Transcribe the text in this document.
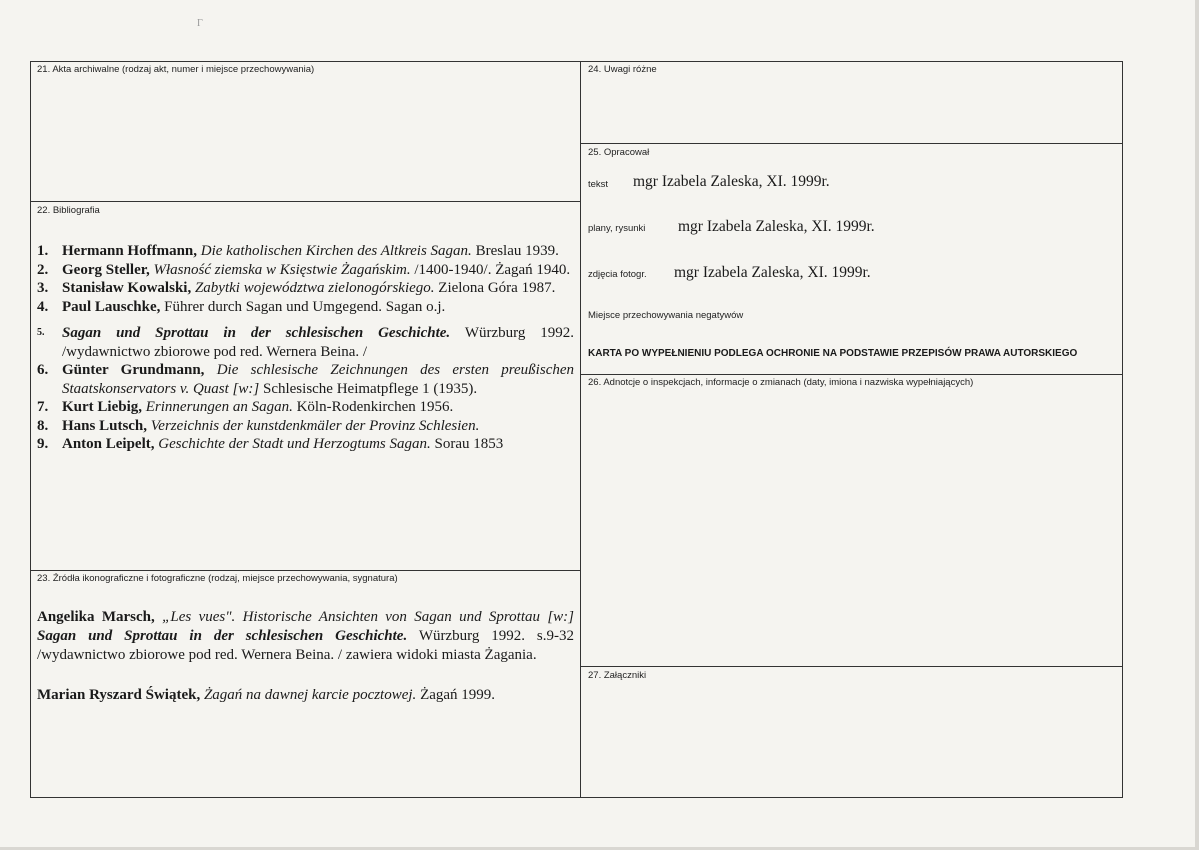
Γ
21. Akta archiwalne (rodzaj akt, numer i miejsce przechowywania)
22. Bibliografia
1. Hermann Hoffmann, Die katholischen Kirchen des Altkreis Sagan. Breslau 1939.
2. Georg Steller, Własność ziemska w Księstwie Żagańskim. /1400-1940/. Żagań 1940.
3. Stanisław Kowalski, Zabytki województwa zielonogórskiego. Zielona Góra 1987.
4. Paul Lauschke, Führer durch Sagan und Umgegend. Sagan o.j.
5. Sagan und Sprottau in der schlesischen Geschichte. Würzburg 1992. /wydawnictwo zbiorowe pod red. Wernera Beina. /
6. Günter Grundmann, Die schlesische Zeichnungen des ersten preußischen Staatskonservators v. Quast [w:] Schlesische Heimatpflege 1 (1935).
7. Kurt Liebig, Erinnerungen an Sagan. Köln-Rodenkirchen 1956.
8. Hans Lutsch, Verzeichnis der kunstdenkmäler der Provinz Schlesien.
9. Anton Leipelt, Geschichte der Stadt und Herzogtums Sagan. Sorau 1853
23. Źródła ikonograficzne i fotograficzne (rodzaj, miejsce przechowywania, sygnatura)
Angelika Marsch, „Les vues". Historische Ansichten von Sagan und Sprottau [w:] Sagan und Sprottau in der schlesischen Geschichte. Würzburg 1992. s.9-32 /wydawnictwo zbiorowe pod red. Wernera Beina. / zawiera widoki miasta Żagania.
Marian Ryszard Świątek, Żagań na dawnej karcie pocztowej. Żagań 1999.
24. Uwagi różne
25. Opracował
tekst mgr Izabela Zaleska, XI. 1999r.
plany, rysunki mgr Izabela Zaleska, XI. 1999r.
zdjęcia fotogr. mgr Izabela Zaleska, XI. 1999r.
Miejsce przechowywania negatywów
KARTA PO WYPEŁNIENIU PODLEGA OCHRONIE NA PODSTAWIE PRZEPISÓW PRAWA AUTORSKIEGO
26. Adnotcje o inspekcjach, informacje o zmianach (daty, imiona i nazwiska wypełniających)
27. Załączniki
